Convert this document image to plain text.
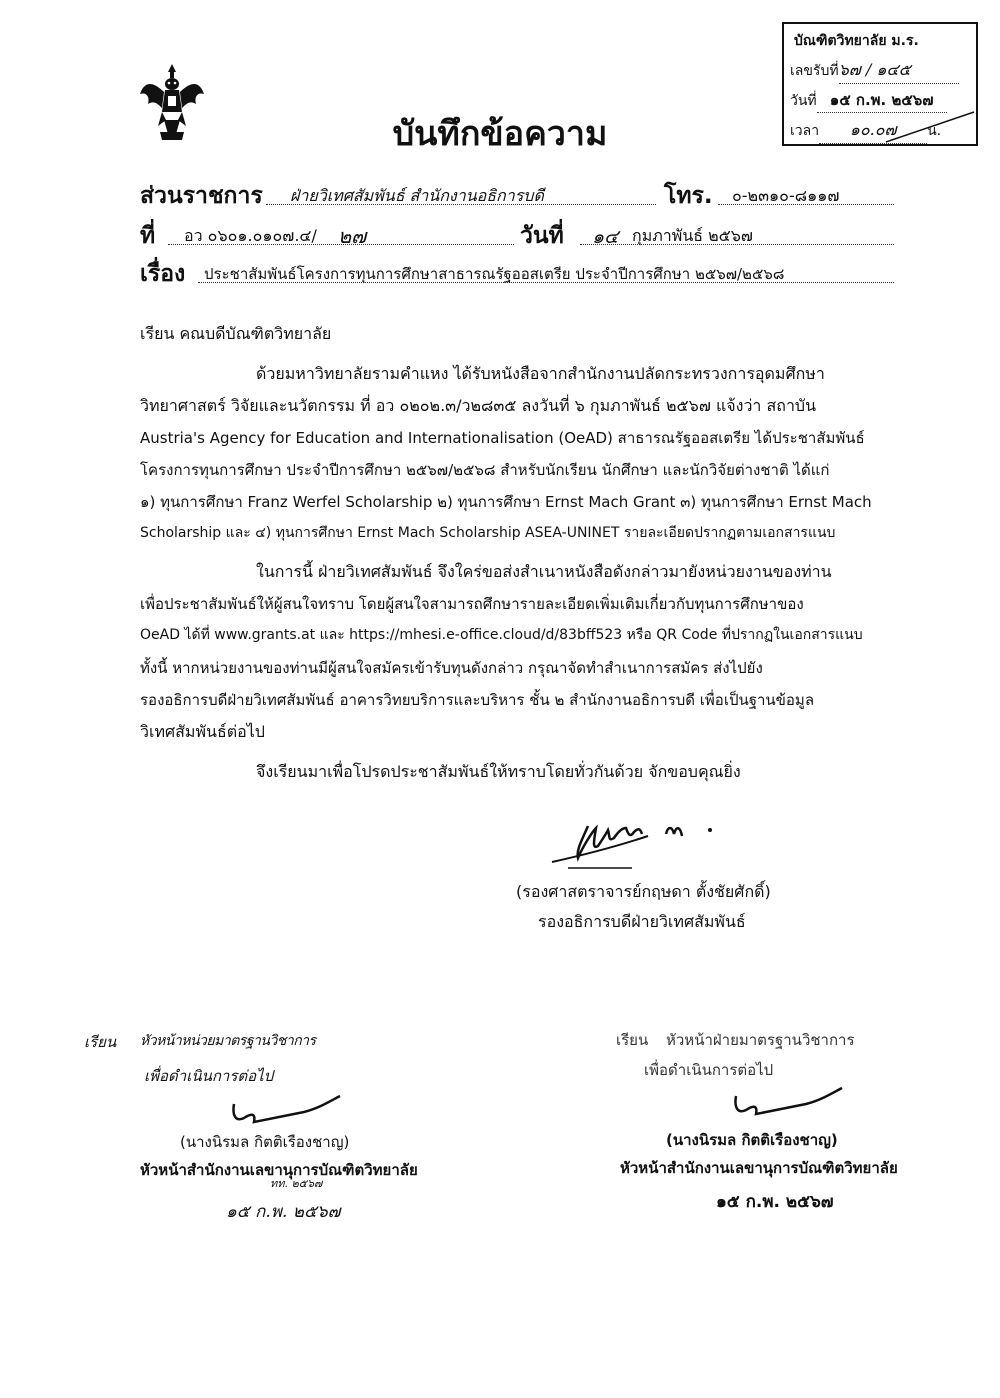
บัณฑิตวิทยาลัย ม.ร.
เลขรับที่๖๗ / ๑๔๕
วันที่ ๑๕ ก.พ. ๒๕๖๗
เวลา ๑๐.๐๗ น.
บันทึกข้อความ
ส่วนราชการ ฝ่ายวิเทศสัมพันธ์ สำนักงานอธิการบดี	โทร. ๐-๒๓๑๐-๘๑๑๗
ที่ อว ๐๖๐๑.๐๑๐๗.๔/ ๒๗	วันที่ ๑๔ กุมภาพันธ์ ๒๕๖๗
เรื่อง ประชาสัมพันธ์โครงการทุนการศึกษาสาธารณรัฐออสเตรีย ประจำปีการศึกษา ๒๕๖๗/๒๕๖๘
เรียน คณบดีบัณฑิตวิทยาลัย
ด้วยมหาวิทยาลัยรามคำแหง ได้รับหนังสือจากสำนักงานปลัดกระทรวงการอุดมศึกษา
วิทยาศาสตร์ วิจัยและนวัตกรรม ที่ อว ๐๒๐๒.๓/ว๒๘๓๕ ลงวันที่ ๖ กุมภาพันธ์ ๒๕๖๗ แจ้งว่า สถาบัน
Austria's Agency for Education and Internationalisation (OeAD) สาธารณรัฐออสเตรีย ได้ประชาสัมพันธ์
โครงการทุนการศึกษา ประจำปีการศึกษา ๒๕๖๗/๒๕๖๘ สำหรับนักเรียน นักศึกษา และนักวิจัยต่างชาติ ได้แก่
๑) ทุนการศึกษา Franz Werfel Scholarship ๒) ทุนการศึกษา Ernst Mach Grant ๓) ทุนการศึกษา Ernst Mach
Scholarship และ ๔) ทุนการศึกษา Ernst Mach Scholarship ASEA-UNINET รายละเอียดปรากฏตามเอกสารแนบ
ในการนี้ ฝ่ายวิเทศสัมพันธ์ จึงใคร่ขอส่งสำเนาหนังสือดังกล่าวมายังหน่วยงานของท่าน
เพื่อประชาสัมพันธ์ให้ผู้สนใจทราบ โดยผู้สนใจสามารถศึกษารายละเอียดเพิ่มเติมเกี่ยวกับทุนการศึกษาของ
OeAD ได้ที่ www.grants.at และ https://mhesi.e-office.cloud/d/83bff523 หรือ QR Code ที่ปรากฏในเอกสารแนบ
ทั้งนี้ หากหน่วยงานของท่านมีผู้สนใจสมัครเข้ารับทุนดังกล่าว กรุณาจัดทำสำเนาการสมัคร ส่งไปยัง
รองอธิการบดีฝ่ายวิเทศสัมพันธ์ อาคารวิทยบริการและบริหาร ชั้น ๒ สำนักงานอธิการบดี เพื่อเป็นฐานข้อมูล
วิเทศสัมพันธ์ต่อไป
จึงเรียนมาเพื่อโปรดประชาสัมพันธ์ให้ทราบโดยทั่วกันด้วย จักขอบคุณยิ่ง
(รองศาสตราจารย์กฤษดา ตั้งชัยศักดิ์)
รองอธิการบดีฝ่ายวิเทศสัมพันธ์
เรียน หัวหน้าหน่วยมาตรฐานวิชาการ
เพื่อดำเนินการต่อไป
(นางนิรมล กิตติเรืองชาญ)
หัวหน้าสำนักงานเลขานุการบัณฑิตวิทยาลัย
ทท. ๒๕๖๗
๑๕ ก.พ. ๒๕๖๗
เรียน หัวหน้าฝ่ายมาตรฐานวิชาการ
เพื่อดำเนินการต่อไป
(นางนิรมล กิตติเรืองชาญ)
หัวหน้าสำนักงานเลขานุการบัณฑิตวิทยาลัย
๑๕ ก.พ. ๒๕๖๗
